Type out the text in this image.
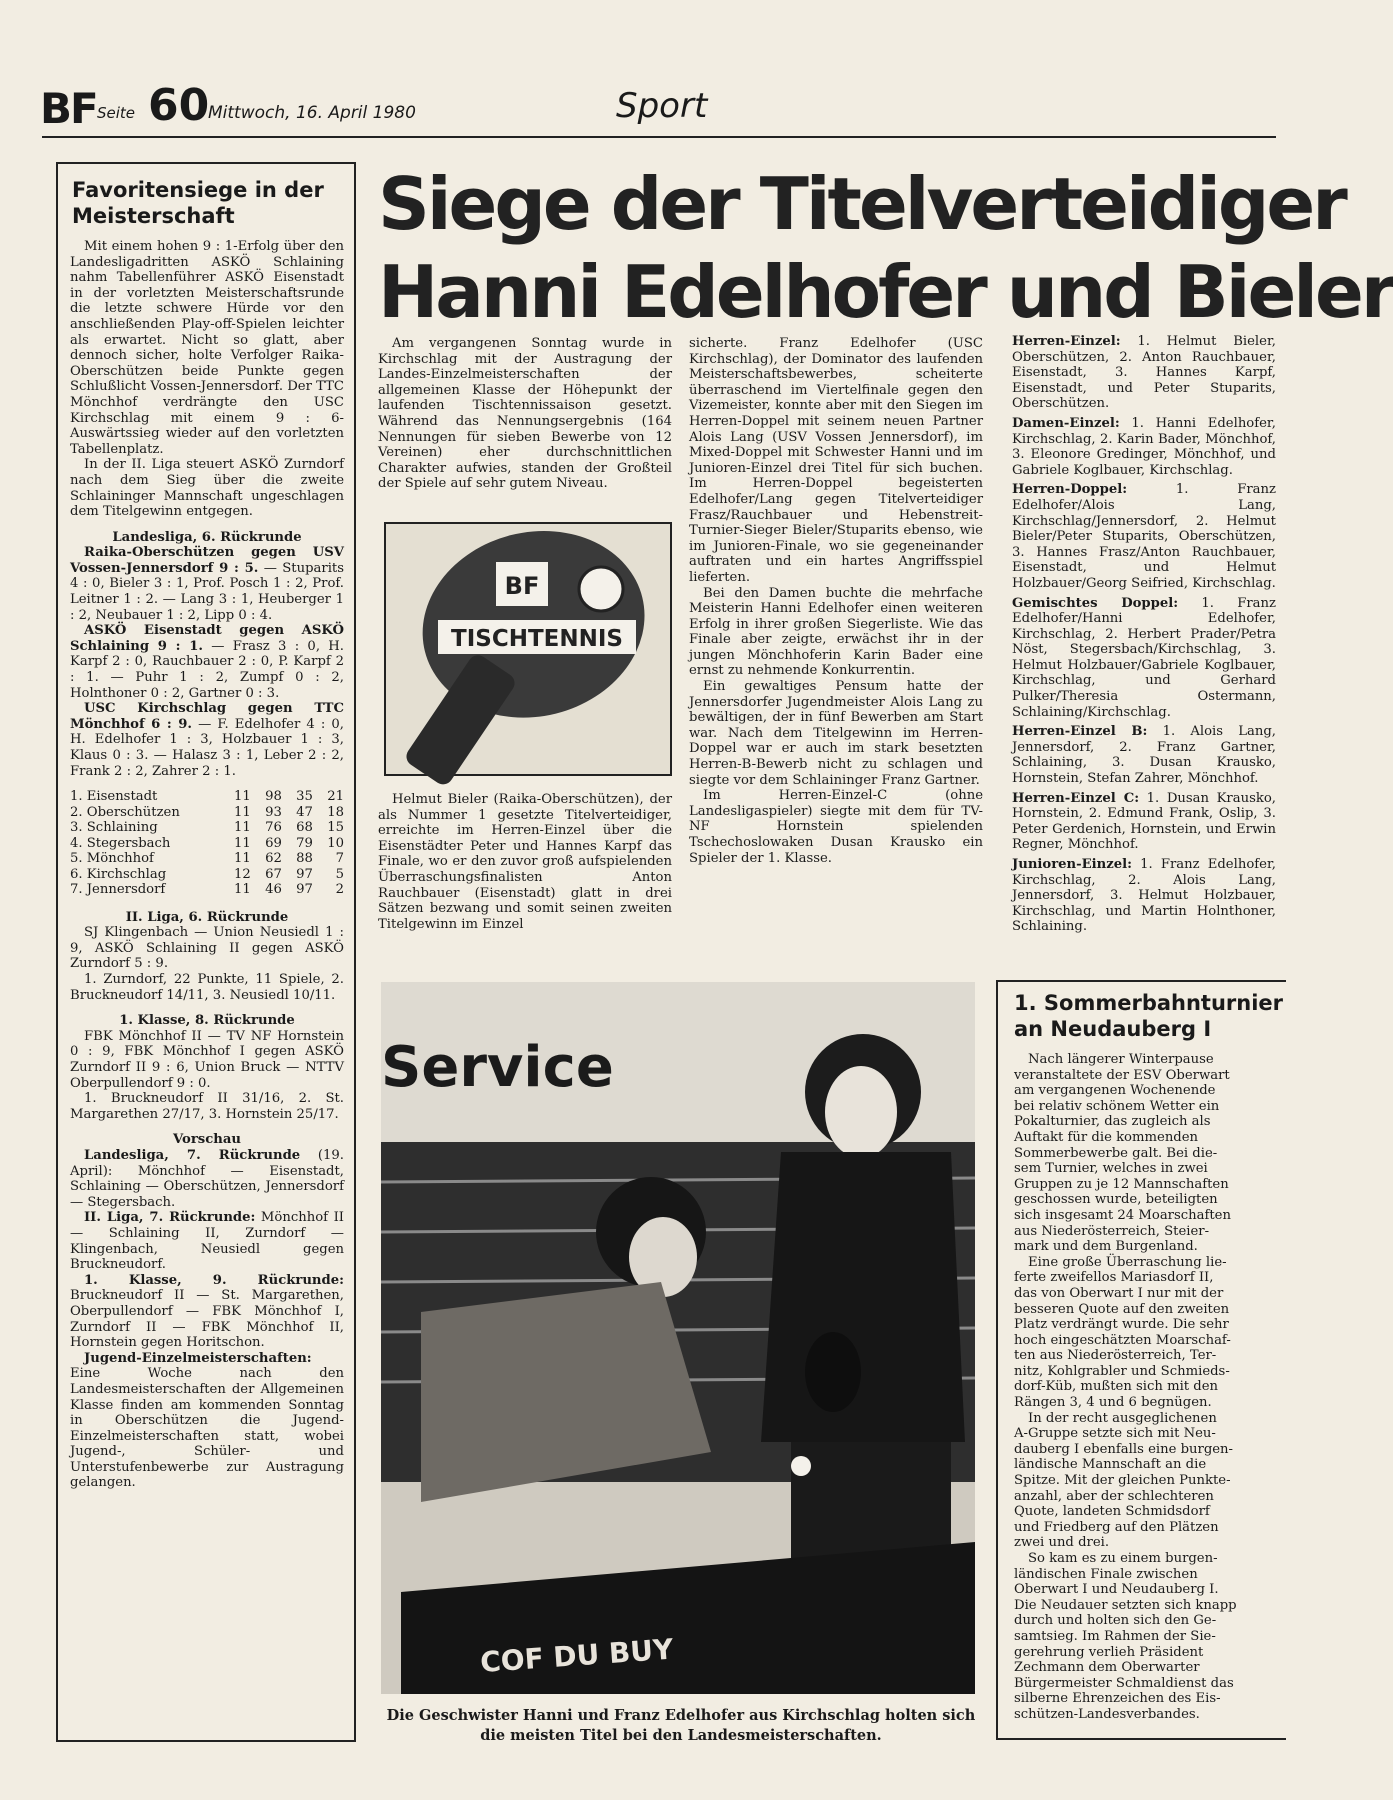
BF Seite 60
Mittwoch, 16. April 1980	Sport
Favoritensiege in der Meisterschaft

Mit einem hohen 9 : 1-Erfolg über den Landesligadritten ASKÖ Schlaining nahm Tabellenführer ASKÖ Eisenstadt in der vorletzten Meisterschaftsrunde die letzte schwere Hürde vor den anschließenden Play-off-Spielen leichter als erwartet. Nicht so glatt, aber dennoch sicher, holte Verfolger Raika-Oberschützen beide Punkte gegen Schlußlicht Vossen-Jennersdorf. Der TTC Mönchhof verdrängte den USC Kirchschlag mit einem 9 : 6-Auswärtssieg wieder auf den vorletzten Tabellenplatz.

In der II. Liga steuert ASKÖ Zurndorf nach dem Sieg über die zweite Schlaininger Mannschaft ungeschlagen dem Titelgewinn entgegen.

Landesliga, 6. Rückrunde

Raika-Oberschützen gegen USV Vossen-Jennersdorf 9 : 5. — Stuparits 4 : 0, Bieler 3 : 1, Prof. Posch 1 : 2, Prof. Leitner 1 : 2. — Lang 3 : 1, Heuberger 1 : 2, Neubauer 1 : 2, Lipp 0 : 4.

ASKÖ Eisenstadt gegen ASKÖ Schlaining 9 : 1. — Frasz 3 : 0, H. Karpf 2 : 0, Rauchbauer 2 : 0, P. Karpf 2 : 1. — Puhr 1 : 2, Zumpf 0 : 2, Holnthoner 0 : 2, Gartner 0 : 3.

USC Kirchschlag gegen TTC Mönchhof 6 : 9. — F. Edelhofer 4 : 0, H. Edelhofer 1 : 3, Holzbauer 1 : 3, Klaus 0 : 3. — Halasz 3 : 1, Leber 2 : 2, Frank 2 : 2, Zahrer 2 : 1.

1. Eisenstadt	11	98	35	21
2. Oberschützen	11	93	47	18
3. Schlaining	11	76	68	15
4. Stegersbach	11	69	79	10
5. Mönchhof	11	62	88	7
6. Kirchschlag	12	67	97	5
7. Jennersdorf	11	46	97	2

II. Liga, 6. Rückrunde

SJ Klingenbach — Union Neusiedl 1 : 9, ASKÖ Schlaining II gegen ASKÖ Zurndorf 5 : 9.

1. Zurndorf, 22 Punkte, 11 Spiele, 2. Bruckneudorf 14/11, 3. Neusiedl 10/11.

1. Klasse, 8. Rückrunde

FBK Mönchhof II — TV NF Hornstein 0 : 9, FBK Mönchhof I gegen ASKÖ Zurndorf II 9 : 6, Union Bruck — NTTV Oberpullendorf 9 : 0.

1. Bruckneudorf II 31/16, 2. St. Margarethen 27/17, 3. Hornstein 25/17.

Vorschau

Landesliga, 7. Rückrunde (19. April): Mönchhof — Eisenstadt, Schlaining — Oberschützen, Jennersdorf — Stegersbach.

II. Liga, 7. Rückrunde: Mönchhof II — Schlaining II, Zurndorf — Klingenbach, Neusiedl gegen Bruckneudorf.

1. Klasse, 9. Rückrunde: Bruckneudorf II — St. Margarethen, Oberpullendorf — FBK Mönchhof I, Zurndorf II — FBK Mönchhof II, Hornstein gegen Horitschon.

Jugend-Einzelmeisterschaften: Eine Woche nach den Landesmeisterschaften der Allgemeinen Klasse finden am kommenden Sonntag in Oberschützen die Jugend-Einzelmeisterschaften statt, wobei Jugend-, Schüler- und Unterstufenbewerbe zur Austragung gelangen.

Siege der Titelverteidiger
Hanni Edelhofer und Bieler

Am vergangenen Sonntag wurde in Kirchschlag mit der Austragung der Landes-Einzelmeisterschaften der allgemeinen Klasse der Höhepunkt der laufenden Tischtennissaison gesetzt. Während das Nennungsergebnis (164 Nennungen für sieben Bewerbe von 12 Vereinen) eher durchschnittlichen Charakter aufwies, standen der Großteil der Spiele auf sehr gutem Niveau.

BF
TISCHTENNIS

Helmut Bieler (Raika-Oberschützen), der als Nummer 1 gesetzte Titelverteidiger, erreichte im Herren-Einzel über die Eisenstädter Peter und Hannes Karpf das Finale, wo er den zuvor groß aufspielenden Überraschungsfinalisten Anton Rauchbauer (Eisenstadt) glatt in drei Sätzen bezwang und somit seinen zweiten Titelgewinn im Einzel

sicherte. Franz Edelhofer (USC Kirchschlag), der Dominator des laufenden Meisterschaftsbewerbes, scheiterte überraschend im Viertelfinale gegen den Vizemeister, konnte aber mit den Siegen im Herren-Doppel mit seinem neuen Partner Alois Lang (USV Vossen Jennersdorf), im Mixed-Doppel mit Schwester Hanni und im Junioren-Einzel drei Titel für sich buchen. Im Herren-Doppel begeisterten Edelhofer/Lang gegen Titelverteidiger Frasz/Rauchbauer und Hebenstreit-Turnier-Sieger Bieler/Stuparits ebenso, wie im Junioren-Finale, wo sie gegeneinander auftraten und ein hartes Angriffsspiel lieferten.

Bei den Damen buchte die mehrfache Meisterin Hanni Edelhofer einen weiteren Erfolg in ihrer großen Siegerliste. Wie das Finale aber zeigte, erwächst ihr in der jungen Mönchhoferin Karin Bader eine ernst zu nehmende Konkurrentin.

Ein gewaltiges Pensum hatte der Jennersdorfer Jugendmeister Alois Lang zu bewältigen, der in fünf Bewerben am Start war. Nach dem Titelgewinn im Herren-Doppel war er auch im stark besetzten Herren-B-Bewerb nicht zu schlagen und siegte vor dem Schlaininger Franz Gartner.

Im Herren-Einzel-C (ohne Landesligaspieler) siegte mit dem für TV-NF Hornstein spielenden Tschechoslowaken Dusan Krausko ein Spieler der 1. Klasse.

Herren-Einzel: 1. Helmut Bieler, Oberschützen, 2. Anton Rauchbauer, Eisenstadt, 3. Hannes Karpf, Eisenstadt, und Peter Stuparits, Oberschützen.

Damen-Einzel: 1. Hanni Edelhofer, Kirchschlag, 2. Karin Bader, Mönchhof, 3. Eleonore Gredinger, Mönchhof, und Gabriele Koglbauer, Kirchschlag.

Herren-Doppel:	1. Franz Edelhofer/Alois Lang, Kirchschlag/Jennersdorf, 2. Helmut Bieler/Peter Stuparits, Oberschützen, 3. Hannes Frasz/Anton Rauchbauer, Eisenstadt, und Helmut Holzbauer/Georg Seifried, Kirchschlag.

Gemischtes Doppel: 1. Franz Edelhofer/Hanni Edelhofer, Kirchschlag, 2. Herbert Prader/Petra Nöst, Stegersbach/Kirchschlag, 3. Helmut Holzbauer/Gabriele Koglbauer, Kirchschlag, und Gerhard Pulker/Theresia Ostermann, Schlaining/Kirchschlag.

Herren-Einzel B: 1. Alois Lang, Jennersdorf, 2. Franz Gartner, Schlaining, 3. Dusan Krausko, Hornstein, Stefan Zahrer, Mönchhof.

Herren-Einzel C: 1. Dusan Krausko, Hornstein, 2. Edmund Frank, Oslip, 3. Peter Gerdenich, Hornstein, und Erwin Regner, Mönchhof.

Junioren-Einzel: 1. Franz Edelhofer, Kirchschlag, 2. Alois Lang, Jennersdorf, 3. Helmut Holzbauer, Kirchschlag, und Martin Holnthoner, Schlaining.

Service
COF DU BUY
Die Geschwister Hanni und Franz Edelhofer aus Kirchschlag holten sich die meisten Titel bei den Landesmeisterschaften.
1. Sommerbahnturnier
an Neudauberg I

Nach längerer Winterpause

veranstaltete der ESV Oberwart

am vergangenen Wochenende

bei relativ schönem Wetter ein

Pokalturnier, das zugleich als

Auftakt für die kommenden

Sommerbewerbe galt. Bei die-

sem Turnier, welches in zwei

Gruppen zu je 12 Mannschaften

geschossen wurde, beteiligten

sich insgesamt 24 Moarschaften

aus Niederösterreich, Steier-

mark und dem Burgenland.

Eine große Überraschung lie-

ferte zweifellos Mariasdorf II,

das von Oberwart I nur mit der

besseren Quote auf den zweiten

Platz verdrängt wurde. Die sehr

hoch eingeschätzten Moarschaf-

ten aus Niederösterreich, Ter-

nitz, Kohlgrabler und Schmieds-

dorf-Küb, mußten sich mit den

Rängen 3, 4 und 6 begnügen.

In der recht ausgeglichenen

A-Gruppe setzte sich mit Neu-

dauberg I ebenfalls eine burgen-

ländische Mannschaft an die

Spitze. Mit der gleichen Punkte-

anzahl, aber der schlechteren

Quote, landeten Schmidsdorf

und Friedberg auf den Plätzen

zwei und drei.

So kam es zu einem burgen-

ländischen Finale zwischen

Oberwart I und Neudauberg I.

Die Neudauer setzten sich knapp

durch und holten sich den Ge-

samtsieg. Im Rahmen der Sie-

gerehrung verlieh Präsident

Zechmann dem Oberwarter

Bürgermeister Schmaldienst das

silberne Ehrenzeichen des Eis-

schützen-Landesverbandes.
